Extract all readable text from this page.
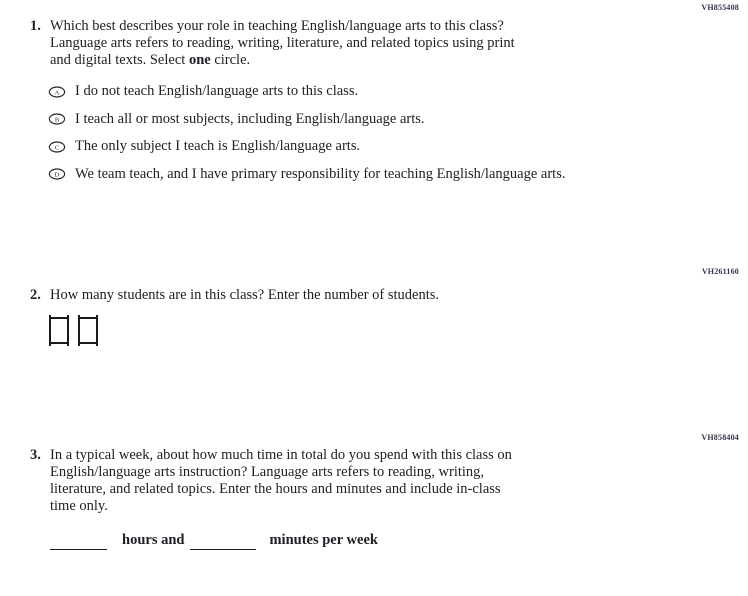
VH855408
1. Which best describes your role in teaching English/language arts to this class?
Language arts refers to reading, writing, literature, and related topics using print
and digital texts. Select one circle.
A I do not teach English/language arts to this class.
B I teach all or most subjects, including English/language arts.
C The only subject I teach is English/language arts.
D We team teach, and I have primary responsibility for teaching English/language arts.
VH261160
2. How many students are in this class? Enter the number of students.
VH858404
3. In a typical week, about how much time in total do you spend with this class on
English/language arts instruction? Language arts refers to reading, writing,
literature, and related topics. Enter the hours and minutes and include in-class
time only.
hours and	minutes per week
